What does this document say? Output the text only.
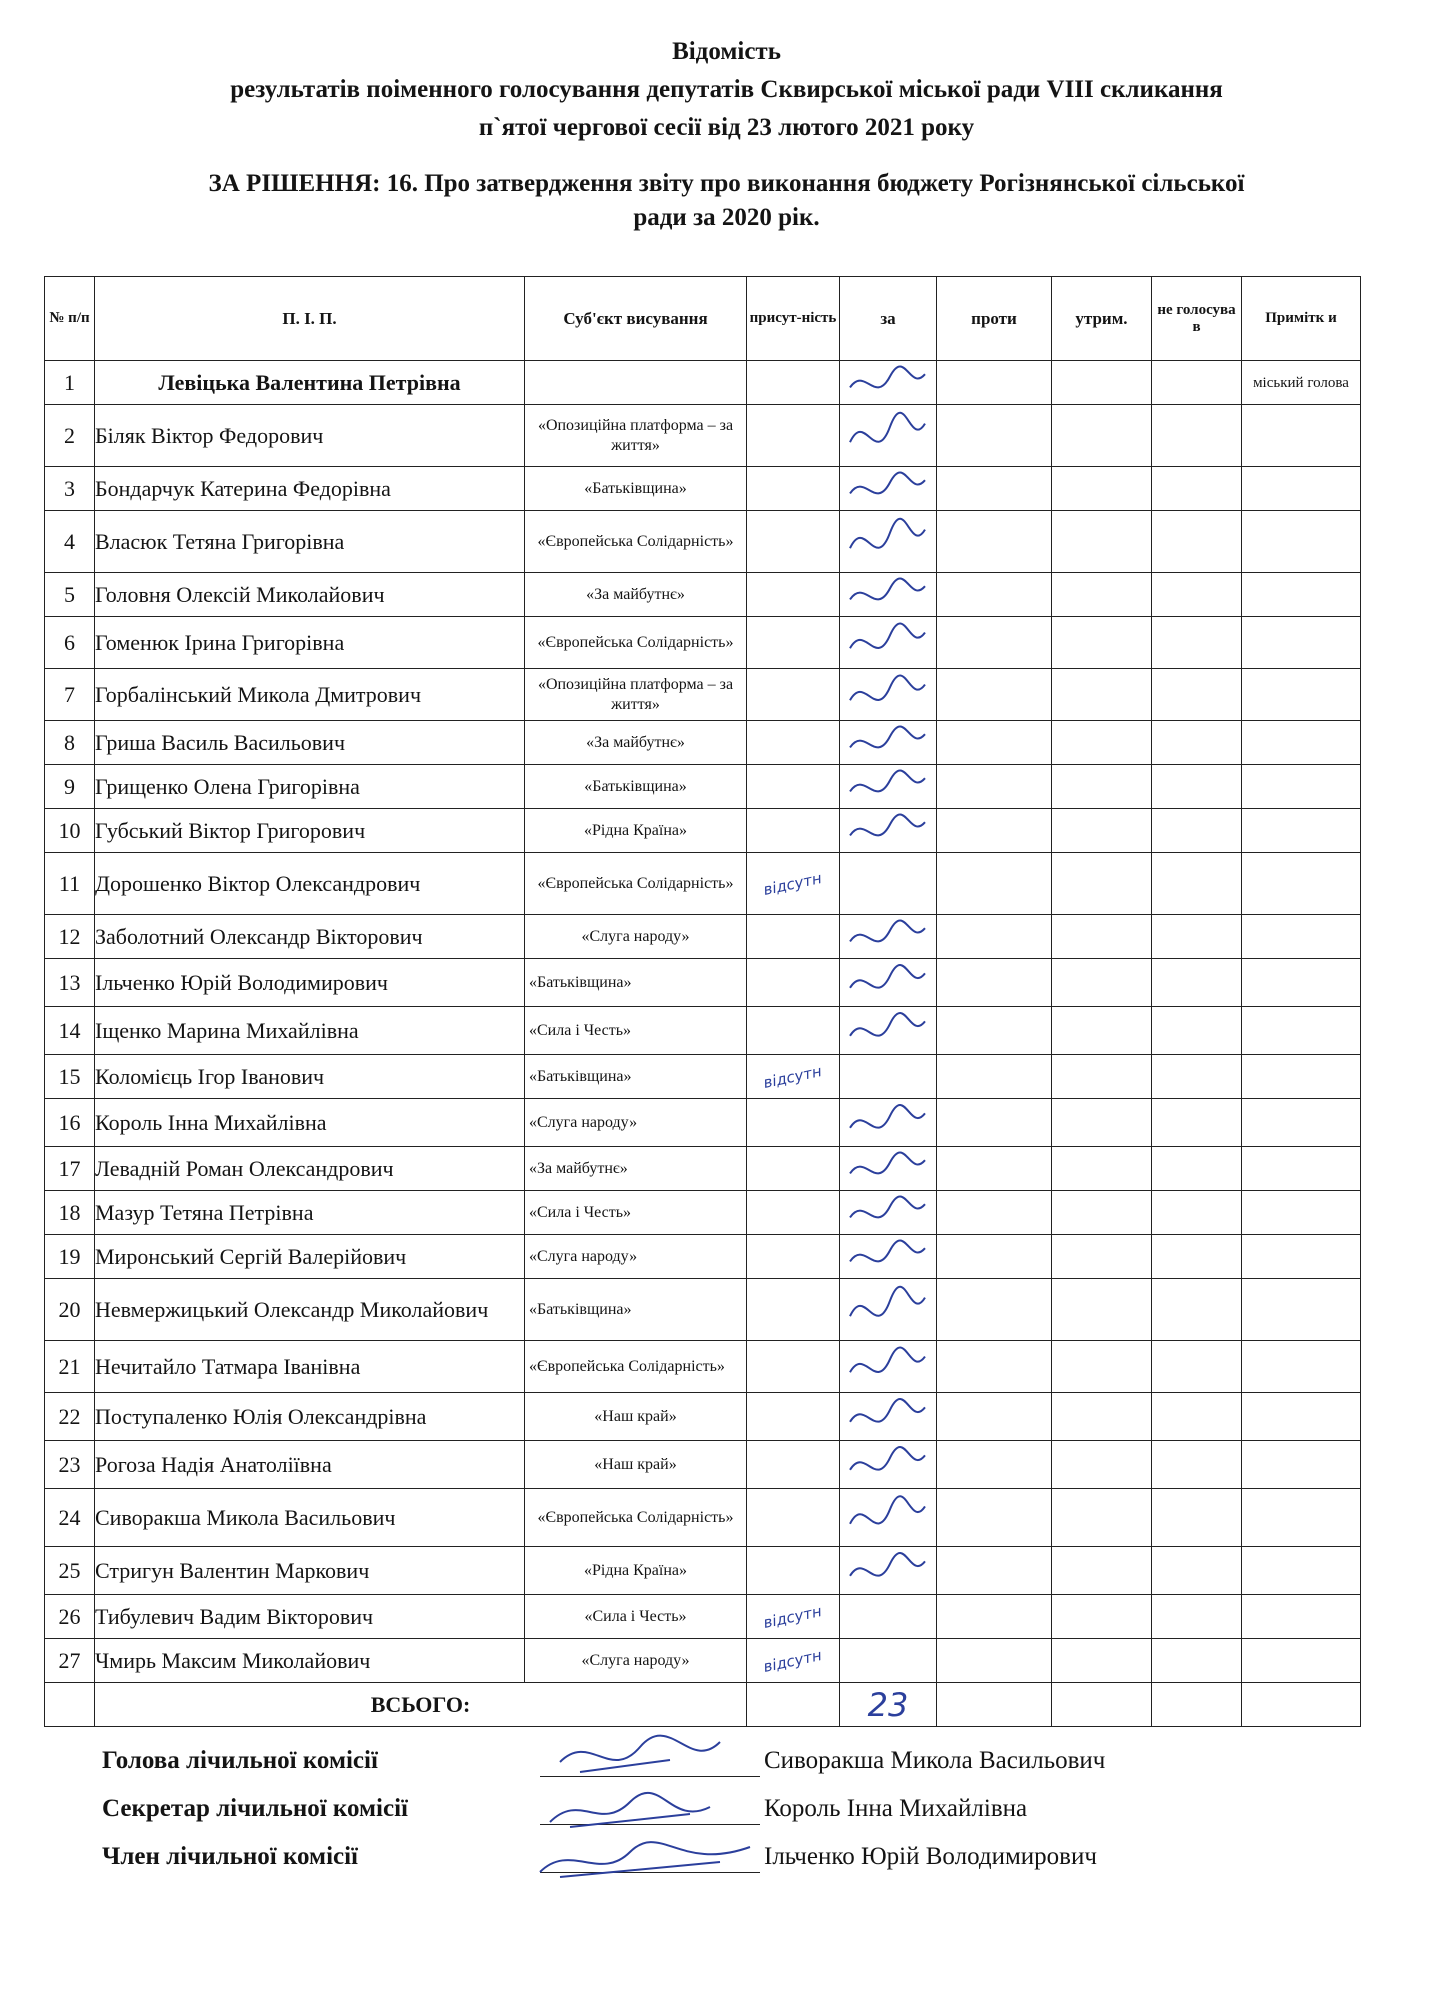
Відомість
результатів поіменного голосування депутатів Сквирської міської ради VIII скликання
п`ятої чергової сесії від 23 лютого 2021 року
ЗА РІШЕННЯ: 16. Про затвердження звіту про виконання бюджету Рогізнянської сільської
ради за 2020 рік.
№ п/п	П. І. П.	Суб'єкт висування	присут-ність	за	проти	утрим.	не голосува в	Примітк и
1	Левіцька Валентина Петрівна							міський голова
2	Біляк Віктор Федорович	«Опозиційна платформа – за життя»						
3	Бондарчук Катерина Федорівна	«Батьківщина»						
4	Власюк Тетяна Григорівна	«Європейська Солідарність»						
5	Головня Олексій Миколайович	«За майбутнє»						
6	Гоменюк Ірина Григорівна	«Європейська Солідарність»						
7	Горбалінський Микола Дмитрович	«Опозиційна платформа – за життя»						
8	Гриша Василь Васильович	«За майбутнє»						
9	Грищенко Олена Григорівна	«Батьківщина»						
10	Губський Віктор Григорович	«Рідна Країна»						
11	Дорошенко Віктор Олександрович	«Європейська Солідарність»	відсутн					
12	Заболотний Олександр Вікторович	«Слуга народу»						
13	Ільченко Юрій Володимирович	«Батьківщина»						
14	Іщенко Марина Михайлівна	«Сила і Честь»						
15	Коломієць Ігор Іванович	«Батьківщина»	відсутн					
16	Король Інна Михайлівна	«Слуга народу»						
17	Левадній Роман Олександрович	«За майбутнє»						
18	Мазур Тетяна Петрівна	«Сила і Честь»						
19	Миронський Сергій Валерійович	«Слуга народу»						
20	Невмержицький Олександр Миколайович	«Батьківщина»						
21	Нечитайло Татмара Іванівна	«Європейська Солідарність»						
22	Поступаленко Юлія Олександрівна	«Наш край»						
23	Рогоза Надія Анатоліївна	«Наш край»						
24	Сиворакша Микола Васильович	«Європейська Солідарність»						
25	Стригун Валентин Маркович	«Рідна Країна»						
26	Тибулевич Вадим Вікторович	«Сила і Честь»	відсутн					
27	Чмирь Максим Миколайович	«Слуга народу»	відсутн					
	ВСЬОГО:			23				
Голова лічильної комісії	Сиворакша Микола Васильович
Секретар лічильної комісії	Король Інна Михайлівна
Член лічильної комісії	Ільченко Юрій Володимирович
